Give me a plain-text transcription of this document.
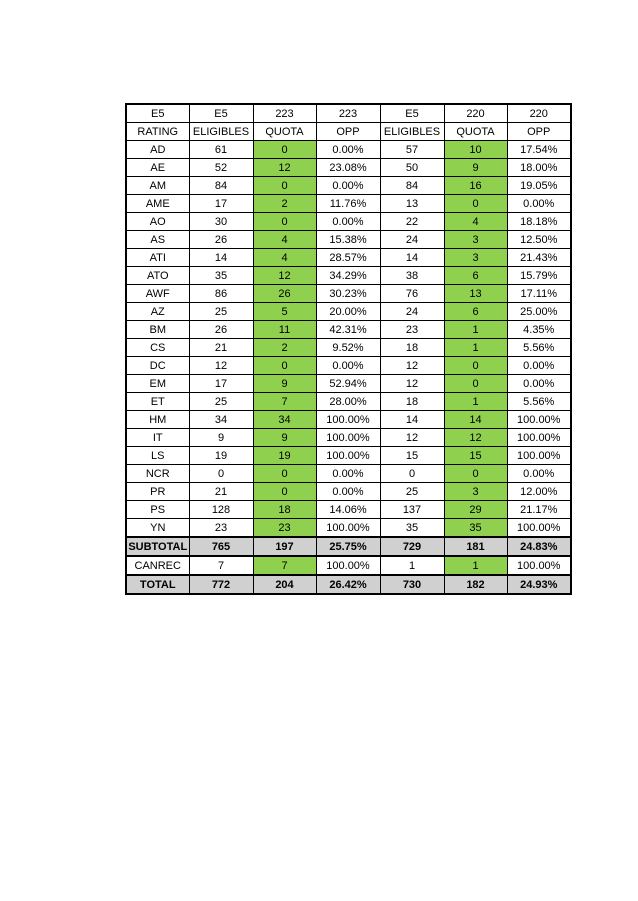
E5	E5	223	223	E5	220	220
RATING	ELIGIBLES	QUOTA	OPP	ELIGIBLES	QUOTA	OPP
AD	61	0	0.00%	57	10	17.54%
AE	52	12	23.08%	50	9	18.00%
AM	84	0	0.00%	84	16	19.05%
AME	17	2	11.76%	13	0	0.00%
AO	30	0	0.00%	22	4	18.18%
AS	26	4	15.38%	24	3	12.50%
ATI	14	4	28.57%	14	3	21.43%
ATO	35	12	34.29%	38	6	15.79%
AWF	86	26	30.23%	76	13	17.11%
AZ	25	5	20.00%	24	6	25.00%
BM	26	11	42.31%	23	1	4.35%
CS	21	2	9.52%	18	1	5.56%
DC	12	0	0.00%	12	0	0.00%
EM	17	9	52.94%	12	0	0.00%
ET	25	7	28.00%	18	1	5.56%
HM	34	34	100.00%	14	14	100.00%
IT	9	9	100.00%	12	12	100.00%
LS	19	19	100.00%	15	15	100.00%
NCR	0	0	0.00%	0	0	0.00%
PR	21	0	0.00%	25	3	12.00%
PS	128	18	14.06%	137	29	21.17%
YN	23	23	100.00%	35	35	100.00%
SUBTOTAL	765	197	25.75%	729	181	24.83%
CANREC	7	7	100.00%	1	1	100.00%
TOTAL	772	204	26.42%	730	182	24.93%
